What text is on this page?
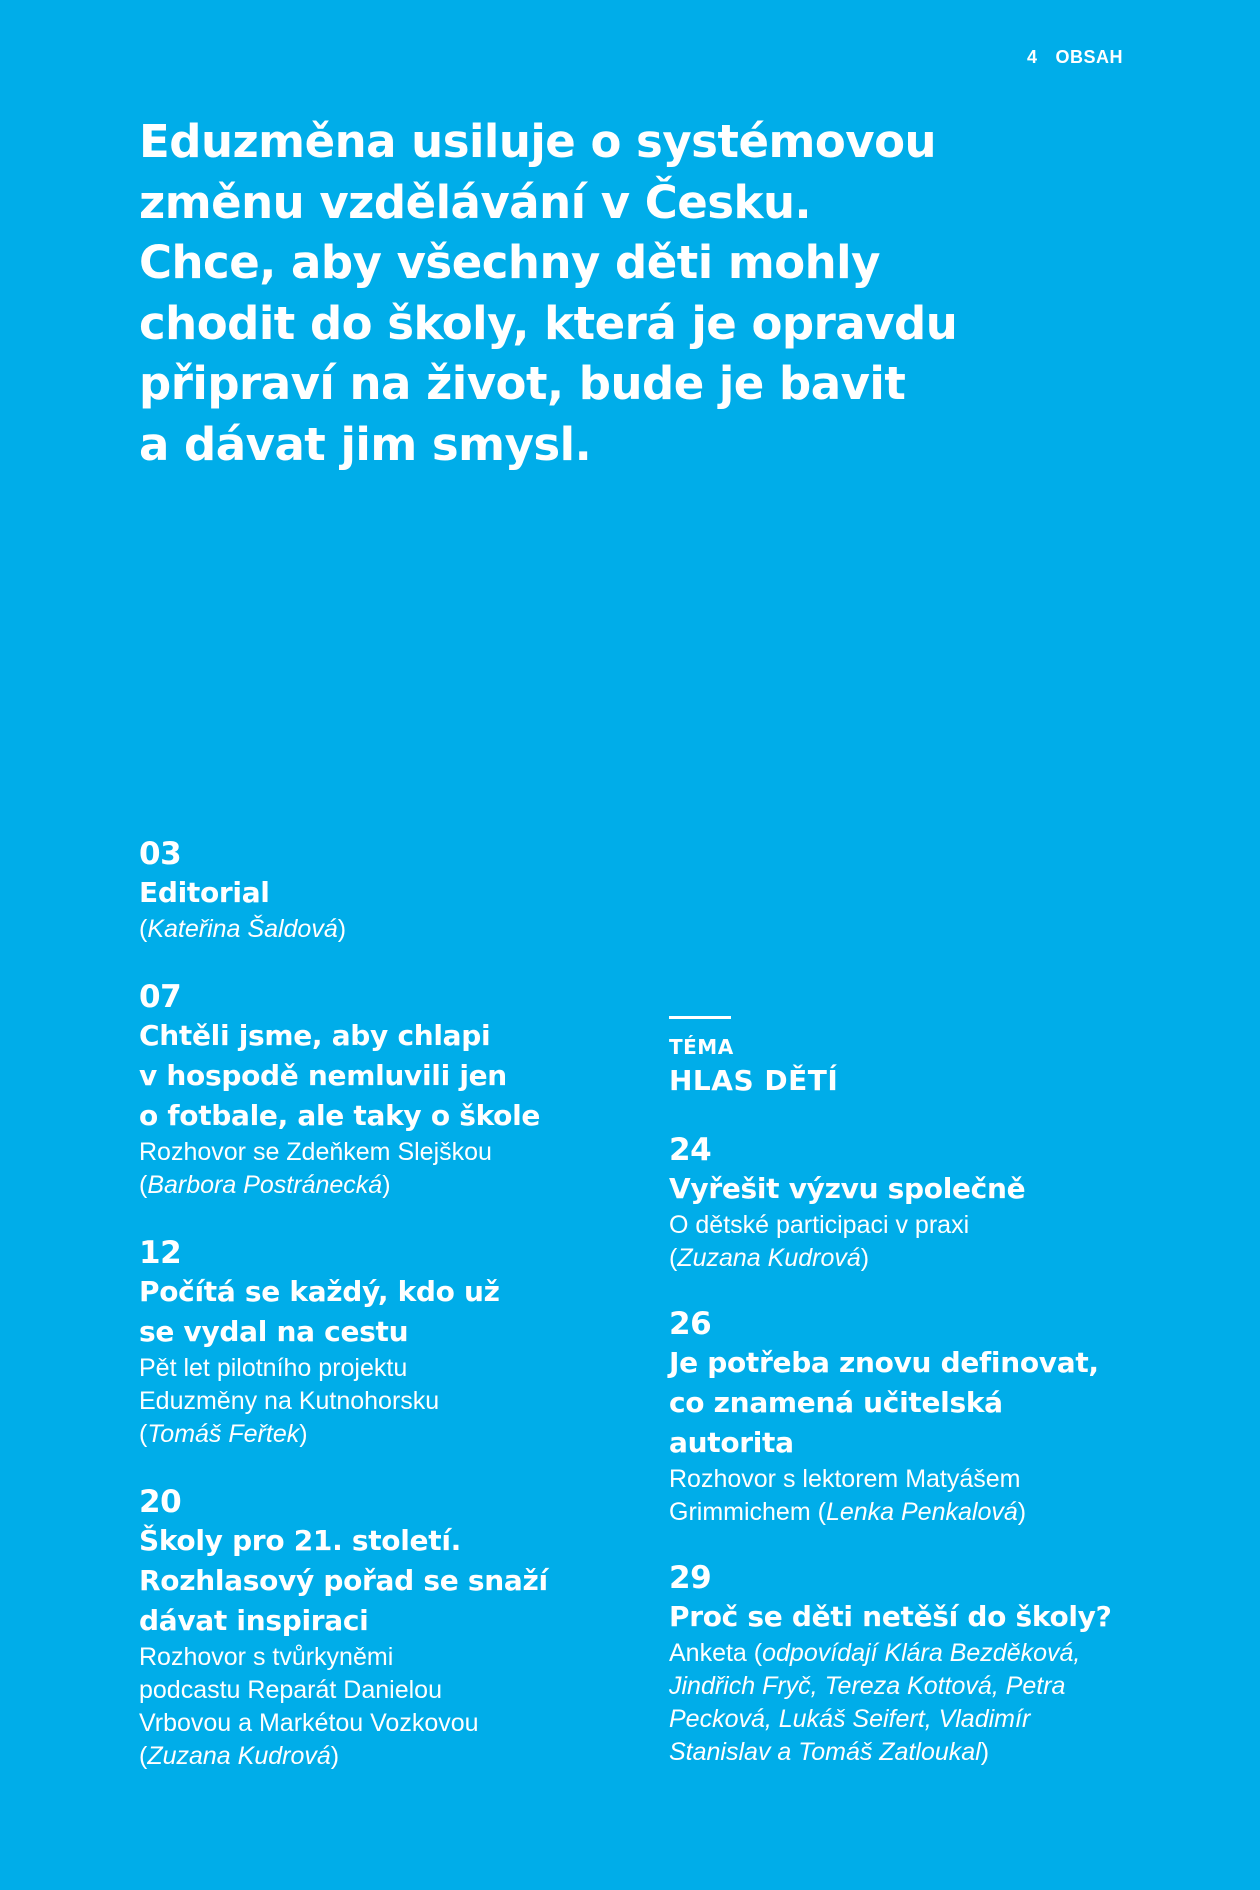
4 OBSAH
Eduzměna usiluje o systémovou
změnu vzdělávání v Česku.
Chce, aby všechny děti mohly
chodit do školy, která je opravdu
připraví na život, bude je bavit
a dávat jim smysl.

03

Editorial

(Kateřina Šaldová)

07

Chtěli jsme, aby chlapi
v hospodě nemluvili jen
o fotbale, ale taky o škole

Rozhovor se Zdeňkem Slejškou
(Barbora Postránecká)

12

Počítá se každý, kdo už
se vydal na cestu

Pět let pilotního projektu
Eduzměny na Kutnohorsku
(Tomáš Feřtek)

20

Školy pro 21. století.
Rozhlasový pořad se snaží
dávat inspiraci

Rozhovor s tvůrkyněmi
podcastu Reparát Danielou
Vrbovou a Markétou Vozkovou
(Zuzana Kudrová)

TÉMA

HLAS DĚTÍ

24

Vyřešit výzvu společně

O dětské participaci v praxi
(Zuzana Kudrová)

26

Je potřeba znovu definovat,
co znamená učitelská
autorita

Rozhovor s lektorem Matyášem
Grimmichem (Lenka Penkalová)

29

Proč se děti netěší do školy?

Anketa (odpovídají Klára Bezděková,
Jindřich Fryč, Tereza Kottová, Petra
Pecková, Lukáš Seifert, Vladimír
Stanislav a Tomáš Zatloukal)
